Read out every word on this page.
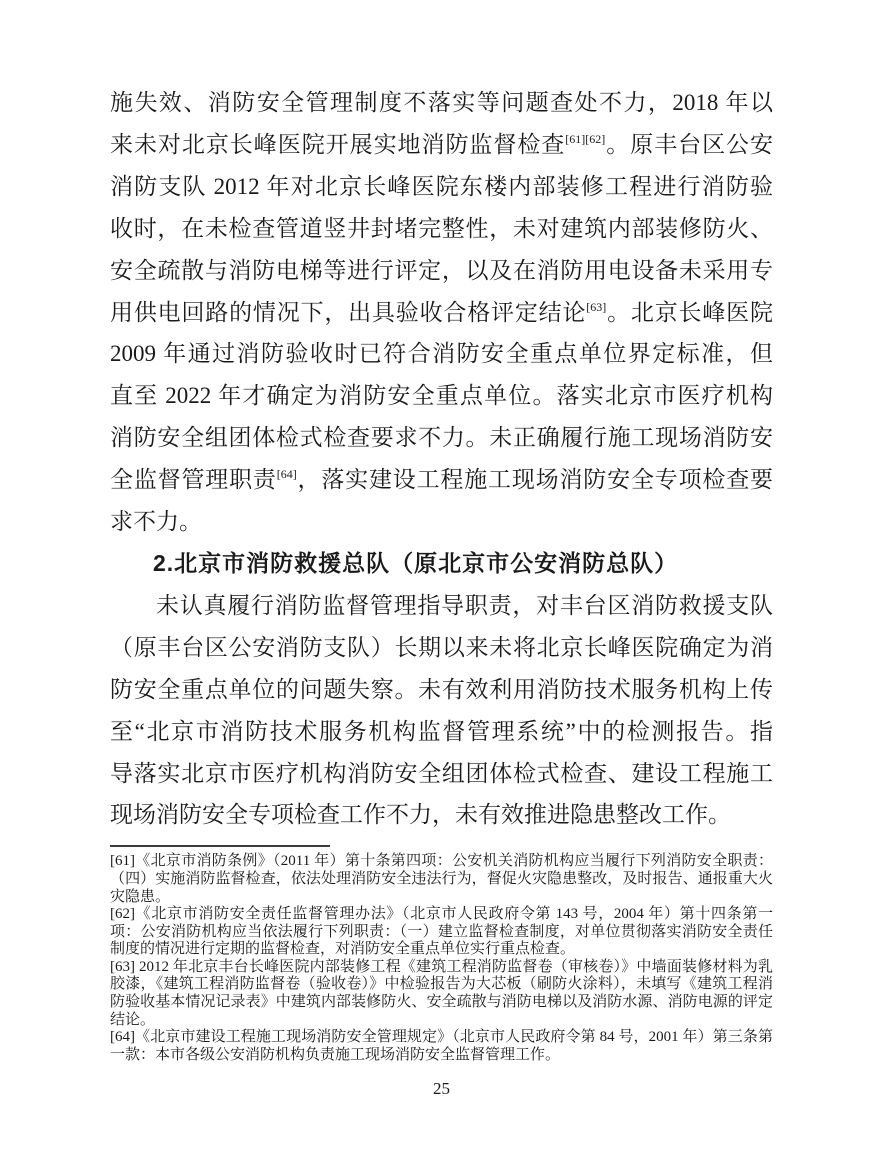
施失效、消防安全管理制度不落实等问题查处不力，2018 年以
来未对北京长峰医院开展实地消防监督检查[61][62]。原丰台区公安
消防支队 2012 年对北京长峰医院东楼内部装修工程进行消防验
收时，在未检查管道竖井封堵完整性，未对建筑内部装修防火、
安全疏散与消防电梯等进行评定，以及在消防用电设备未采用专
用供电回路的情况下，出具验收合格评定结论[63]。北京长峰医院
2009 年通过消防验收时已符合消防安全重点单位界定标准，但
直至 2022 年才确定为消防安全重点单位。落实北京市医疗机构
消防安全组团体检式检查要求不力。未正确履行施工现场消防安
全监督管理职责[64]，落实建设工程施工现场消防安全专项检查要
求不力。
2.北京市消防救援总队（原北京市公安消防总队）
未认真履行消防监督管理指导职责，对丰台区消防救援支队
（原丰台区公安消防支队）长期以来未将北京长峰医院确定为消
防安全重点单位的问题失察。未有效利用消防技术服务机构上传
至“北京市消防技术服务机构监督管理系统”中的检测报告。指
导落实北京市医疗机构消防安全组团体检式检查、建设工程施工
现场消防安全专项检查工作不力，未有效推进隐患整改工作。
[61]《北京市消防条例》（2011 年）第十条第四项：公安机关消防机构应当履行下列消防安全职责：（四）实施消防监督检查，依法处理消防安全违法行为，督促火灾隐患整改，及时报告、通报重大火灾隐患。
[62]《北京市消防安全责任监督管理办法》（北京市人民政府令第 143 号，2004 年）第十四条第一项：公安消防机构应当依法履行下列职责：（一）建立监督检查制度，对单位贯彻落实消防安全责任制度的情况进行定期的监督检查，对消防安全重点单位实行重点检查。
[63] 2012 年北京丰台长峰医院内部装修工程《建筑工程消防监督卷（审核卷）》中墙面装修材料为乳胶漆，《建筑工程消防监督卷（验收卷）》中检验报告为大芯板（刷防火涂料），未填写《建筑工程消防验收基本情况记录表》中建筑内部装修防火、安全疏散与消防电梯以及消防水源、消防电源的评定结论。
[64]《北京市建设工程施工现场消防安全管理规定》（北京市人民政府令第 84 号，2001 年）第三条第一款：本市各级公安消防机构负责施工现场消防安全监督管理工作。
25
